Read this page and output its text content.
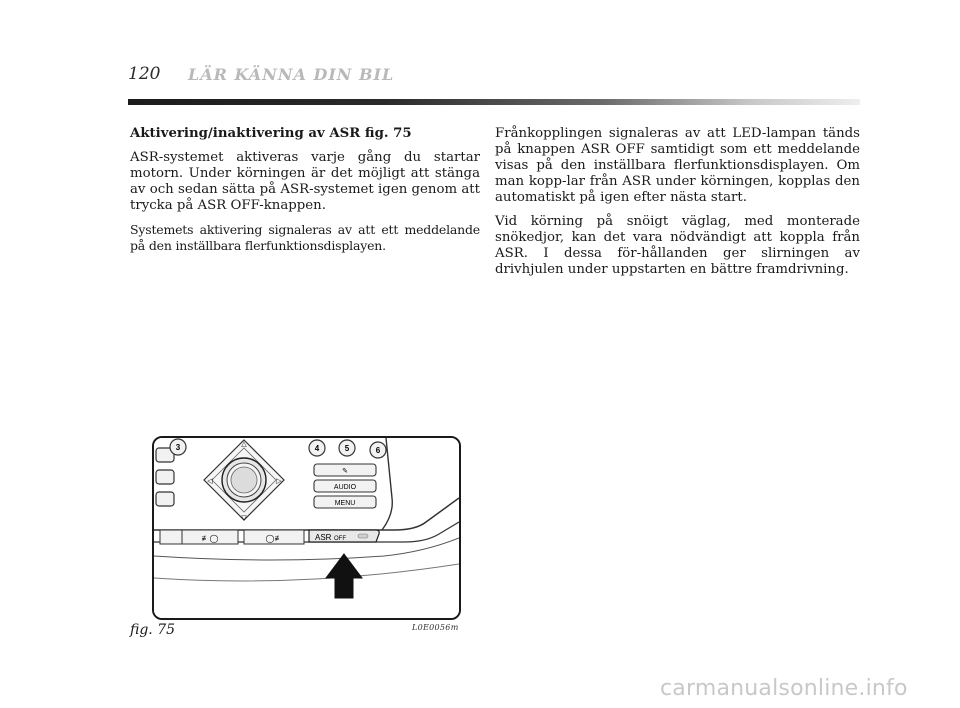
120 LÄR KÄNNA DIN BIL
Aktivering/inaktivering av ASR fig. 75

ASR-systemet aktiveras varje gång du startar motorn. Under körningen är det möjligt att stänga av och sedan sätta på ASR-systemet igen genom att trycka på ASR OFF-knappen.

Systemets aktivering signaleras av att ett meddelande på den inställbara flerfunktionsdisplayen.

Frånkopplingen signaleras av att LED-lampan tänds på knappen ASR OFF samtidigt som ett meddelande visas på den inställbara flerfunktionsdisplayen. Om man kopp-lar från ASR under körningen, kopplas den automatiskt på igen efter nästa start.

Vid körning på snöigt väglag, med monterade snökedjor, kan det vara nödvändigt att koppla från ASR. I dessa för-hållanden ger slirningen av drivhjulen under uppstarten en bättre framdrivning.

3	△
▽
◁	▷
4	5	6
✎
AUDIO
MENU
≢◯	◯≢	ASR OFF
fig. 75	L0E0056m
carmanualsonline.info
